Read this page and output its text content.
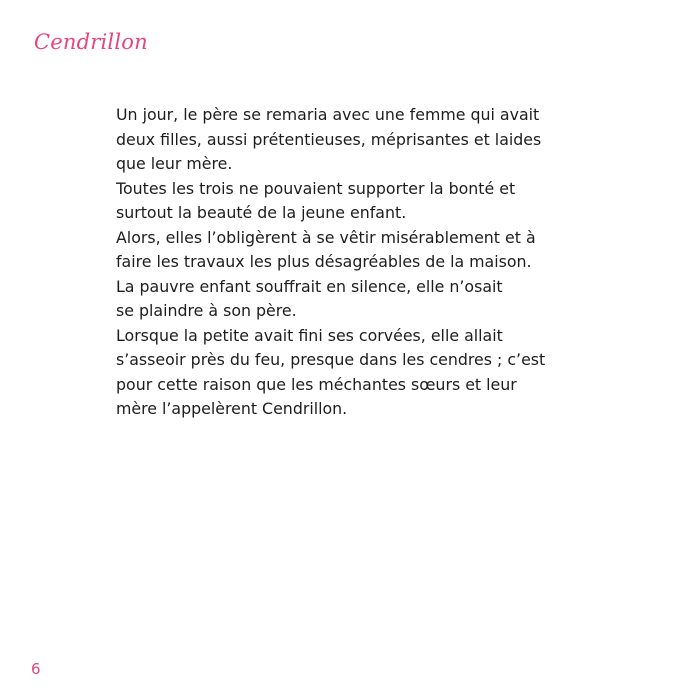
Cendrillon
Un jour, le père se remaria avec une femme qui avait
deux filles, aussi prétentieuses, méprisantes et laides
que leur mère.
Toutes les trois ne pouvaient supporter la bonté et
surtout la beauté de la jeune enfant.
Alors, elles l’obligèrent à se vêtir misérablement et à
faire les travaux les plus désagréables de la maison.
La pauvre enfant souffrait en silence, elle n’osait
se plaindre à son père.
Lorsque la petite avait fini ses corvées, elle allait
s’asseoir près du feu, presque dans les cendres ; c’est
pour cette raison que les méchantes sœurs et leur
mère l’appelèrent Cendrillon.
6
